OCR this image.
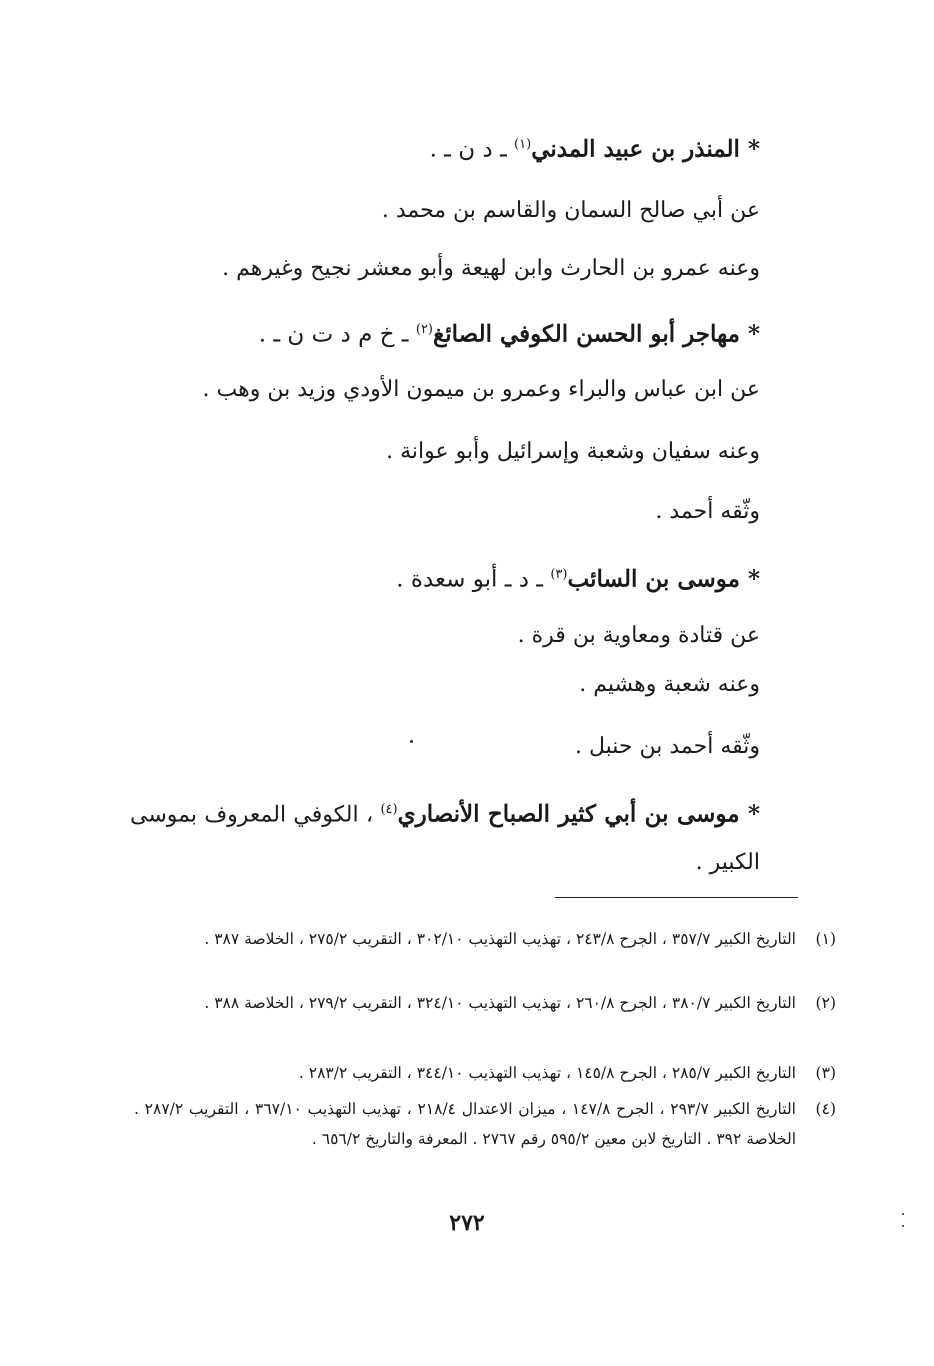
* المنذر بن عبيد المدني$^{(١)}$ ـ د ن ـ .
عن أبي صالح السمان والقاسم بن محمد .
وعنه عمرو بن الحارث وابن لهيعة وأبو معشر نجيح وغيرهم .
* مهاجر أبو الحسن الكوفي الصائغ$^{(٢)}$ ـ خ م د ت ن ـ .
عن ابن عباس والبراء وعمرو بن ميمون الأودي وزيد بن وهب .
وعنه سفيان وشعبة وإسرائيل وأبو عوانة .
وثّقه أحمد .
* موسى بن السائب$^{(٣)}$ ـ د ـ أبو سعدة .
عن قتادة ومعاوية بن قرة .
وعنه شعبة وهشيم .
وثّقه أحمد بن حنبل .
* موسى بن أبي كثير الصباح الأنصاري$^{(٤)}$ ، الكوفي المعروف بموسى الكبير .
(١)
التاريخ الكبير ٣٥٧/٧ ، الجرح ٢٤٣/٨ ، تهذيب التهذيب ٣٠٢/١٠ ، التقريب ٢٧٥/٢ ، الخلاصة ٣٨٧ .
(٢)
التاريخ الكبير ٣٨٠/٧ ، الجرح ٢٦٠/٨ ، تهذيب التهذيب ٣٢٤/١٠ ، التقريب ٢٧٩/٢ ، الخلاصة ٣٨٨ .
(٣)
التاريخ الكبير ٢٨٥/٧ ، الجرح ١٤٥/٨ ، تهذيب التهذيب ٣٤٤/١٠ ، التقريب ٢٨٣/٢ .
(٤)
التاريخ الكبير ٢٩٣/٧ ، الجرح ١٤٧/٨ ، ميزان الاعتدال ٢١٨/٤ ، تهذيب التهذيب ٣٦٧/١٠ ، التقريب ٢٨٧/٢ . الخلاصة ٣٩٢ . التاريخ لابن معين ٥٩٥/٢ رقم ٢٧٦٧ . المعرفة والتاريخ ٦٥٦/٢ .
٢٧٢
